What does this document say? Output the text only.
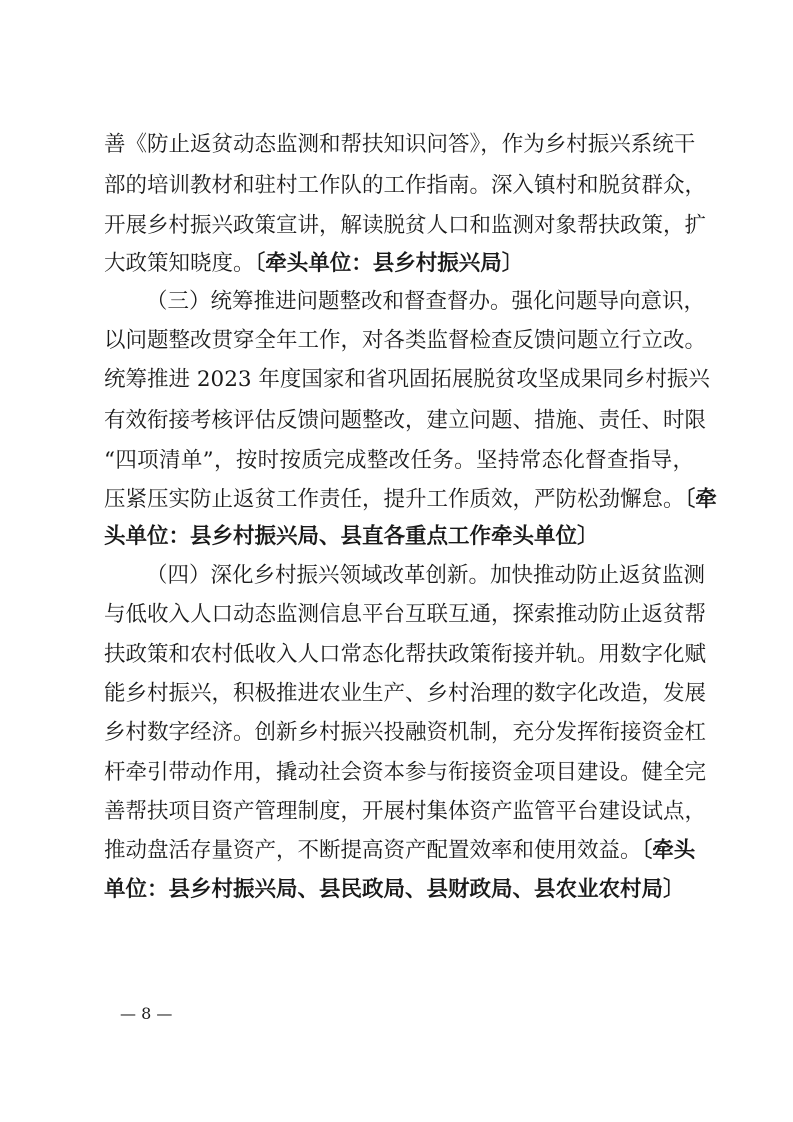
善《防止返贫动态监测和帮扶知识问答》，作为乡村振兴系统干
部的培训教材和驻村工作队的工作指南。深入镇村和脱贫群众，
开展乡村振兴政策宣讲，解读脱贫人口和监测对象帮扶政策，扩
大政策知晓度。〔牵头单位：县乡村振兴局〕
（三）统筹推进问题整改和督查督办。强化问题导向意识，
以问题整改贯穿全年工作，对各类监督检查反馈问题立行立改。
统筹推进 2023 年度国家和省巩固拓展脱贫攻坚成果同乡村振兴
有效衔接考核评估反馈问题整改，建立问题、措施、责任、时限
“四项清单”，按时按质完成整改任务。坚持常态化督查指导，
压紧压实防止返贫工作责任，提升工作质效，严防松劲懈怠。〔牵
头单位：县乡村振兴局、县直各重点工作牵头单位〕
（四）深化乡村振兴领域改革创新。加快推动防止返贫监测
与低收入人口动态监测信息平台互联互通，探索推动防止返贫帮
扶政策和农村低收入人口常态化帮扶政策衔接并轨。用数字化赋
能乡村振兴，积极推进农业生产、乡村治理的数字化改造，发展
乡村数字经济。创新乡村振兴投融资机制，充分发挥衔接资金杠
杆牵引带动作用，撬动社会资本参与衔接资金项目建设。健全完
善帮扶项目资产管理制度，开展村集体资产监管平台建设试点，
推动盘活存量资产，不断提高资产配置效率和使用效益。〔牵头
单位：县乡村振兴局、县民政局、县财政局、县农业农村局〕
— 8 —
